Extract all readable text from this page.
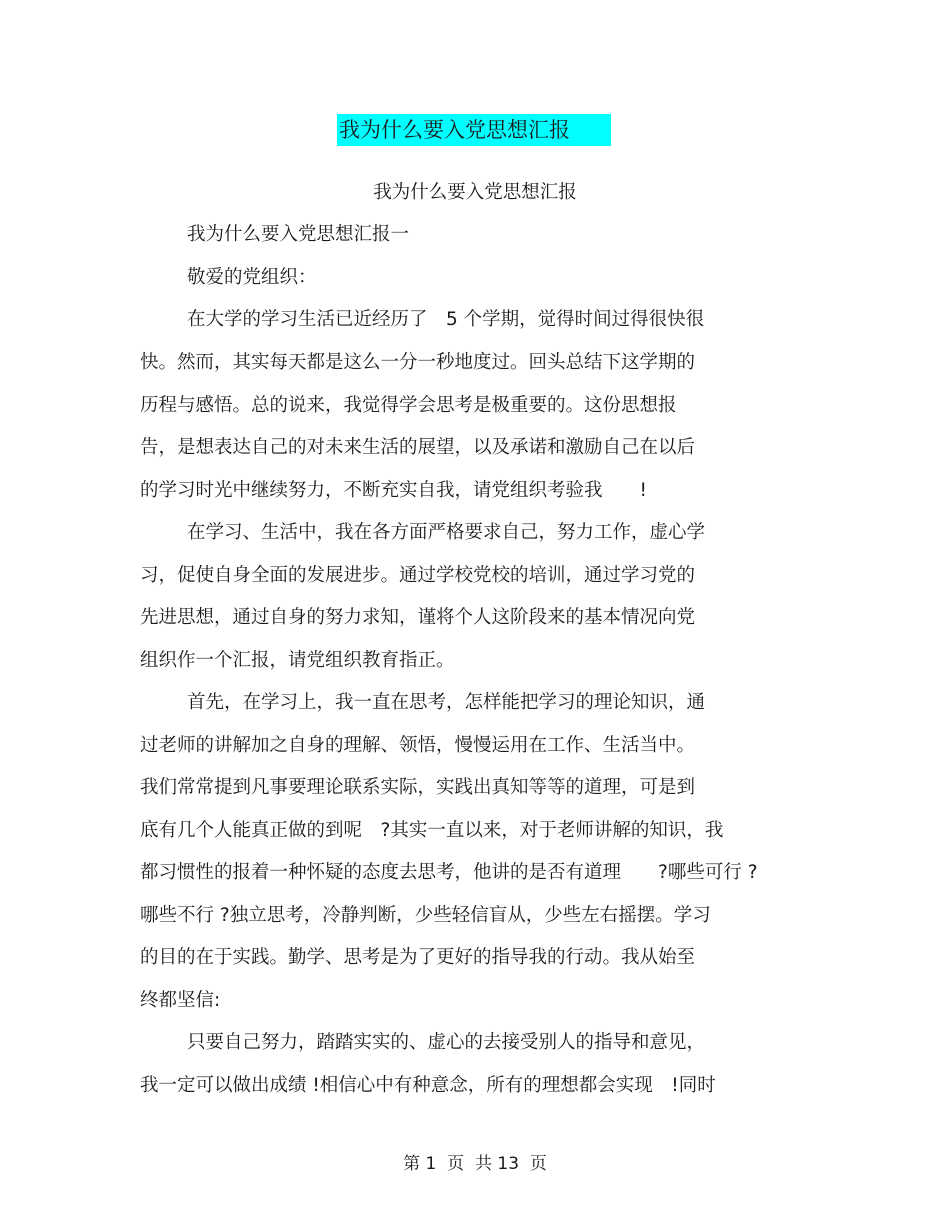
我为什么要入党思想汇报
我为什么要入党思想汇报
我为什么要入党思想汇报一
敬爱的党组织：
在大学的学习生活已近经历了　5 个学期，觉得时间过得很快很
快。然而，其实每天都是这么一分一秒地度过。回头总结下这学期的
历程与感悟。总的说来，我觉得学会思考是极重要的。这份思想报
告，是想表达自己的对未来生活的展望，以及承诺和激励自己在以后
的学习时光中继续努力，不断充实自我，请党组织考验我　　!
在学习、生活中，我在各方面严格要求自己，努力工作，虚心学
习，促使自身全面的发展进步。通过学校党校的培训，通过学习党的
先进思想，通过自身的努力求知，谨将个人这阶段来的基本情况向党
组织作一个汇报，请党组织教育指正。
首先，在学习上，我一直在思考，怎样能把学习的理论知识，通
过老师的讲解加之自身的理解、领悟，慢慢运用在工作、生活当中。
我们常常提到凡事要理论联系实际，实践出真知等等的道理，可是到
底有几个人能真正做的到呢　?其实一直以来，对于老师讲解的知识，我
都习惯性的报着一种怀疑的态度去思考，他讲的是否有道理　　?哪些可行 ?
哪些不行 ?独立思考，冷静判断，少些轻信盲从，少些左右摇摆。学习
的目的在于实践。勤学、思考是为了更好的指导我的行动。我从始至
终都坚信:
只要自己努力，踏踏实实的、虚心的去接受别人的指导和意见，
我一定可以做出成绩 !相信心中有种意念，所有的理想都会实现　!同时
第 1  页  共 13  页
